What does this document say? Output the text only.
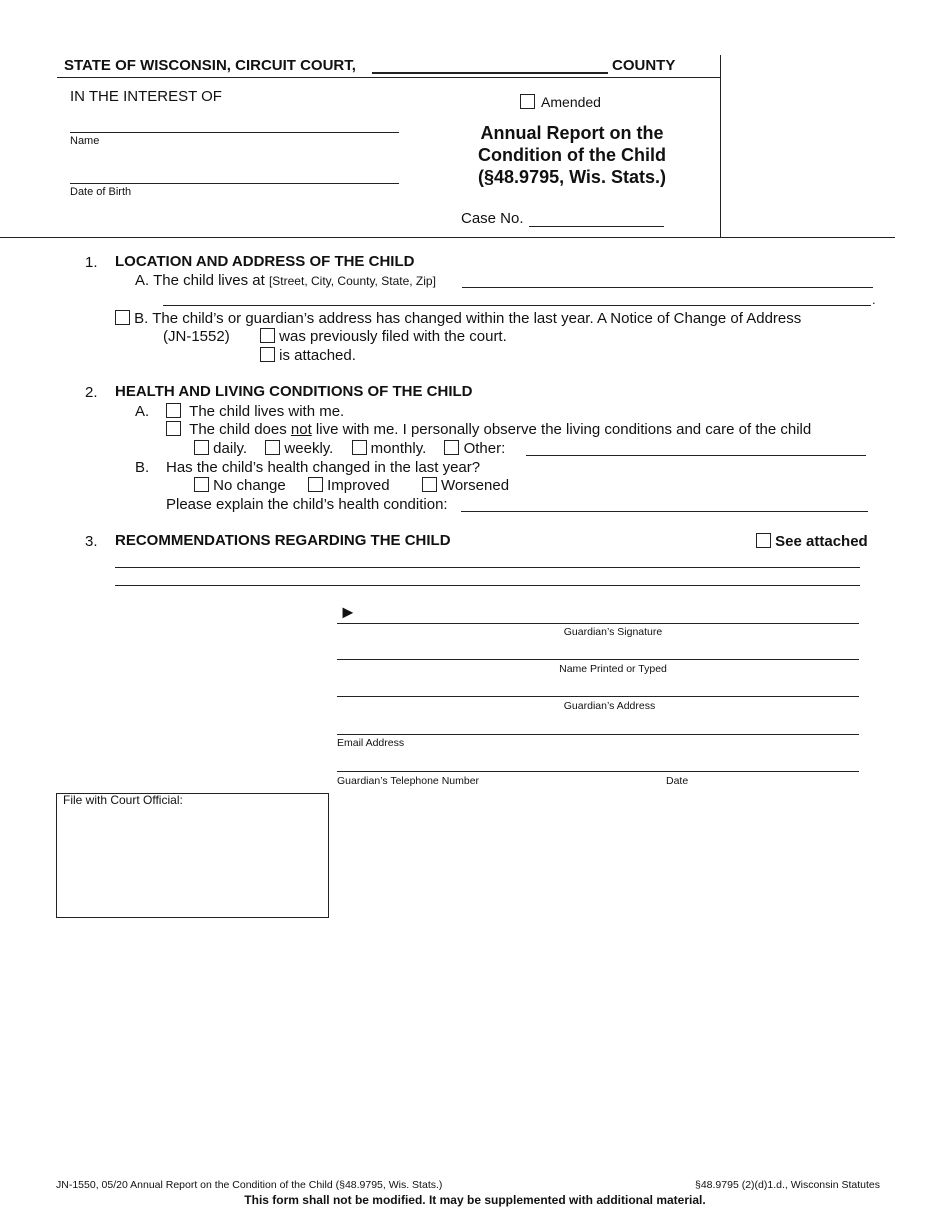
STATE OF WISCONSIN, CIRCUIT COURT,	COUNTY
IN THE INTEREST OF
Name
Date of Birth
Amended
Annual Report on the
Condition of the Child
(§48.9795, Wis. Stats.)
Case No.
1. LOCATION AND ADDRESS OF THE CHILD
A. The child lives at [Street, City, County, State, Zip]
.
B. The child’s or guardian’s address has changed within the last year. A Notice of Change of Address
(JN-1552)	was previously filed with the court.
is attached.
2. HEALTH AND LIVING CONDITIONS OF THE CHILD
A.	The child lives with me.
The child does not live with me. I personally observe the living conditions and care of the child
daily. weekly. monthly. Other:
B. Has the child’s health changed in the last year?
No change	Improved	Worsened
Please explain the child’s health condition:
3. RECOMMENDATIONS REGARDING THE CHILD	See attached
►
Guardian’s Signature
Name Printed or Typed
Guardian’s Address
Email Address
Guardian’s Telephone Number	Date
File with Court Official:
JN-1550, 05/20 Annual Report on the Condition of the Child (§48.9795, Wis. Stats.)	§48.9795 (2)(d)1.d., Wisconsin Statutes
This form shall not be modified. It may be supplemented with additional material.
